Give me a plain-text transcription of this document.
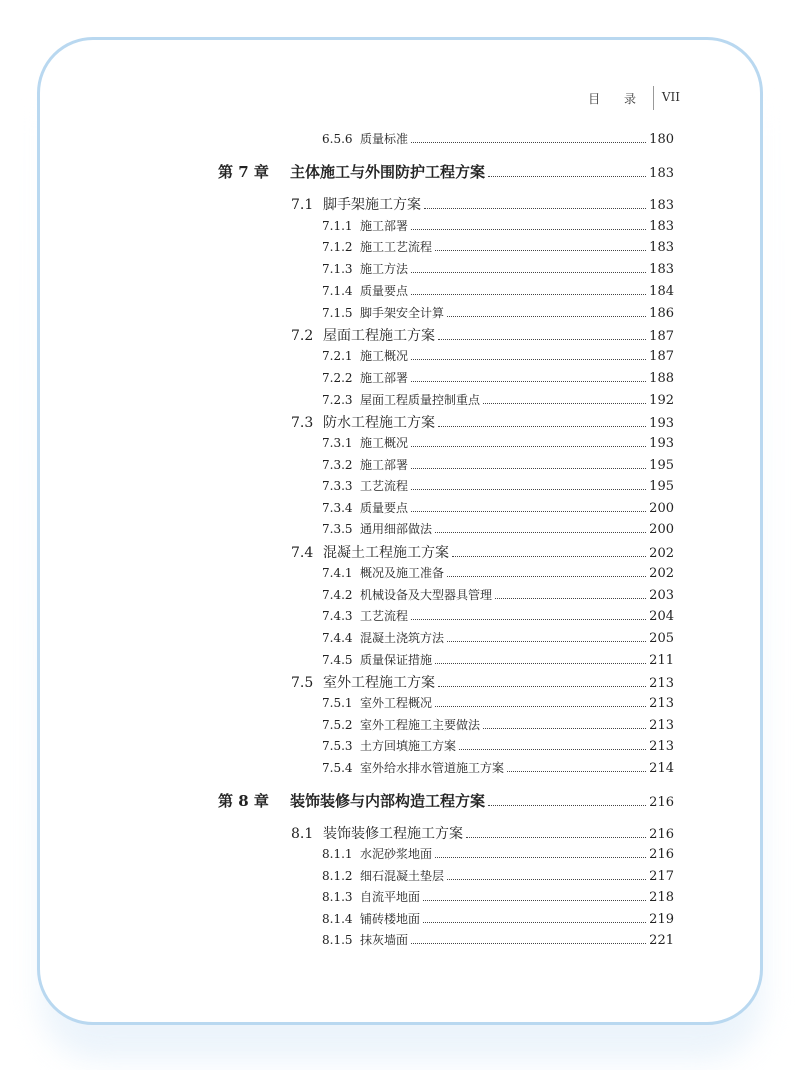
目 录 VII
6.5.6 质量标准	180
第 7 章	主体施工与外围防护工程方案	183
7.1 脚手架施工方案	183
7.1.1 施工部署	183
7.1.2 施工工艺流程	183
7.1.3 施工方法	183
7.1.4 质量要点	184
7.1.5 脚手架安全计算	186
7.2 屋面工程施工方案	187
7.2.1 施工概况	187
7.2.2 施工部署	188
7.2.3 屋面工程质量控制重点	192
7.3 防水工程施工方案	193
7.3.1 施工概况	193
7.3.2 施工部署	195
7.3.3 工艺流程	195
7.3.4 质量要点	200
7.3.5 通用细部做法	200
7.4 混凝土工程施工方案	202
7.4.1 概况及施工准备	202
7.4.2 机械设备及大型器具管理	203
7.4.3 工艺流程	204
7.4.4 混凝土浇筑方法	205
7.4.5 质量保证措施	211
7.5 室外工程施工方案	213
7.5.1 室外工程概况	213
7.5.2 室外工程施工主要做法	213
7.5.3 土方回填施工方案	213
7.5.4 室外给水排水管道施工方案	214
第 8 章	装饰装修与内部构造工程方案	216
8.1 装饰装修工程施工方案	216
8.1.1 水泥砂浆地面	216
8.1.2 细石混凝土垫层	217
8.1.3 自流平地面	218
8.1.4 铺砖楼地面	219
8.1.5 抹灰墙面	221
